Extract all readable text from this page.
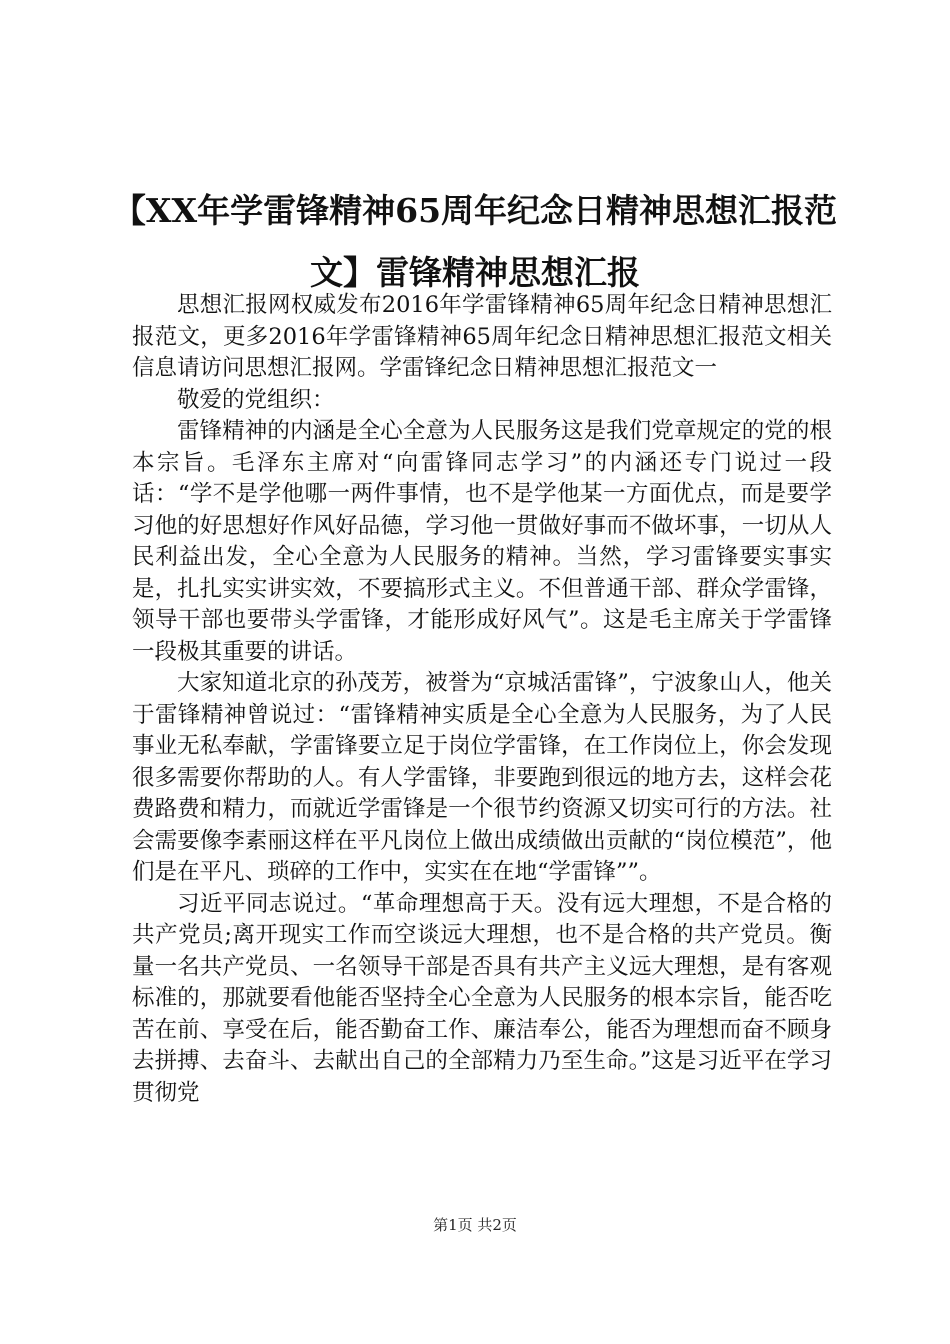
【XX年学雷锋精神65周年纪念日精神思想汇报范文】雷锋精神思想汇报

思想汇报网权威发布2016年学雷锋精神65周年纪念日精神思想汇报范文，更多2016年学雷锋精神65周年纪念日精神思想汇报范文相关信息请访问思想汇报网。学雷锋纪念日精神思想汇报范文一

敬爱的党组织：

雷锋精神的内涵是全心全意为人民服务这是我们党章规定的党的根本宗旨。毛泽东主席对“向雷锋同志学习”的内涵还专门说过一段话：“学不是学他哪一两件事情，也不是学他某一方面优点，而是要学习他的好思想好作风好品德，学习他一贯做好事而不做坏事，一切从人民利益出发，全心全意为人民服务的精神。当然，学习雷锋要实事实是，扎扎实实讲实效，不要搞形式主义。不但普通干部、群众学雷锋，领导干部也要带头学雷锋，才能形成好风气”。这是毛主席关于学雷锋一段极其重要的讲话。

大家知道北京的孙茂芳，被誉为“京城活雷锋”，宁波象山人，他关于雷锋精神曾说过：“雷锋精神实质是全心全意为人民服务，为了人民事业无私奉献，学雷锋要立足于岗位学雷锋，在工作岗位上，你会发现很多需要你帮助的人。有人学雷锋，非要跑到很远的地方去，这样会花费路费和精力，而就近学雷锋是一个很节约资源又切实可行的方法。社会需要像李素丽这样在平凡岗位上做出成绩做出贡献的“岗位模范”，他们是在平凡、琐碎的工作中，实实在在地“学雷锋””。

习近平同志说过。“革命理想高于天。没有远大理想，不是合格的共产党员;离开现实工作而空谈远大理想，也不是合格的共产党员。衡量一名共产党员、一名领导干部是否具有共产主义远大理想，是有客观标准的，那就要看他能否坚持全心全意为人民服务的根本宗旨，能否吃苦在前、享受在后，能否勤奋工作、廉洁奉公，能否为理想而奋不顾身去拼搏、去奋斗、去献出自己的全部精力乃至生命。”这是习近平在学习贯彻党

第1页 共2页
